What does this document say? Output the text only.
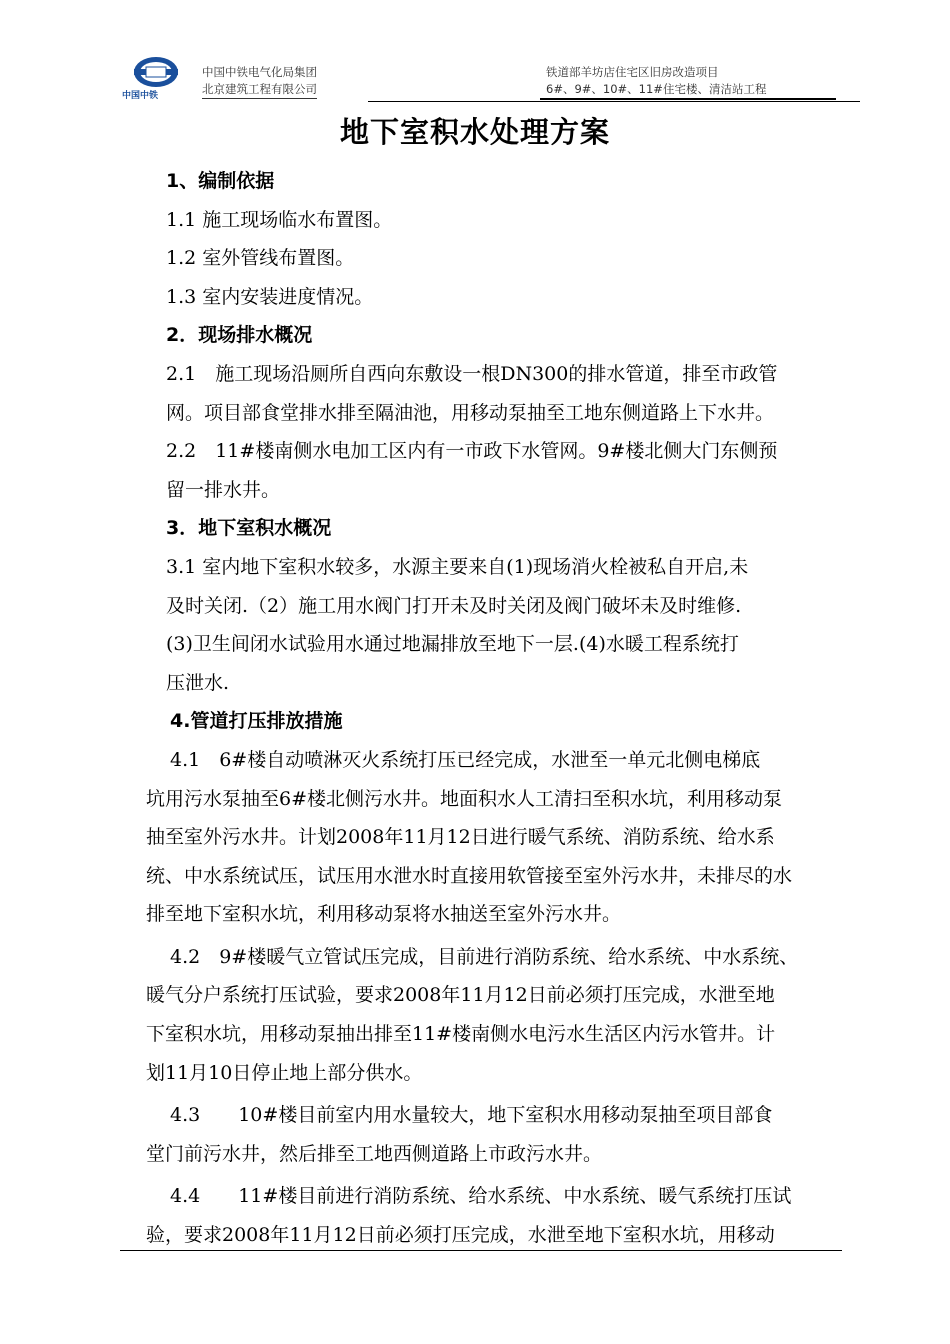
中国中铁
中国中铁电气化局集团
北京建筑工程有限公司
铁道部羊坊店住宅区旧房改造项目
6#、9#、10#、11#住宅楼、清洁站工程
地下室积水处理方案
1、编制依据
1.1 施工现场临水布置图。
1.2 室外管线布置图。
1.3 室内安装进度情况。
2．现场排水概况
2.1　施工现场沿厕所自西向东敷设一根DN300的排水管道，排至市政管
网。项目部食堂排水排至隔油池，用移动泵抽至工地东侧道路上下水井。
2.2　11#楼南侧水电加工区内有一市政下水管网。9#楼北侧大门东侧预
留一排水井。
3．地下室积水概况
3.1 室内地下室积水较多，水源主要来自(1)现场消火栓被私自开启,未
及时关闭.（2）施工用水阀门打开未及时关闭及阀门破坏未及时维修.
(3)卫生间闭水试验用水通过地漏排放至地下一层.(4)水暖工程系统打
压泄水.
4.管道打压排放措施
4.1　6#楼自动喷淋灭火系统打压已经完成，水泄至一单元北侧电梯底
坑用污水泵抽至6#楼北侧污水井。地面积水人工清扫至积水坑，利用移动泵
抽至室外污水井。计划2008年11月12日进行暖气系统、消防系统、给水系
统、中水系统试压，试压用水泄水时直接用软管接至室外污水井，未排尽的水
排至地下室积水坑，利用移动泵将水抽送至室外污水井。
4.2　9#楼暖气立管试压完成，目前进行消防系统、给水系统、中水系统、
暖气分户系统打压试验，要求2008年11月12日前必须打压完成，水泄至地
下室积水坑，用移动泵抽出排至11#楼南侧水电污水生活区内污水管井。计
划11月10日停止地上部分供水。
4.3　　10#楼目前室内用水量较大，地下室积水用移动泵抽至项目部食
堂门前污水井，然后排至工地西侧道路上市政污水井。
4.4　　11#楼目前进行消防系统、给水系统、中水系统、暖气系统打压试
验，要求2008年11月12日前必须打压完成，水泄至地下室积水坑，用移动
